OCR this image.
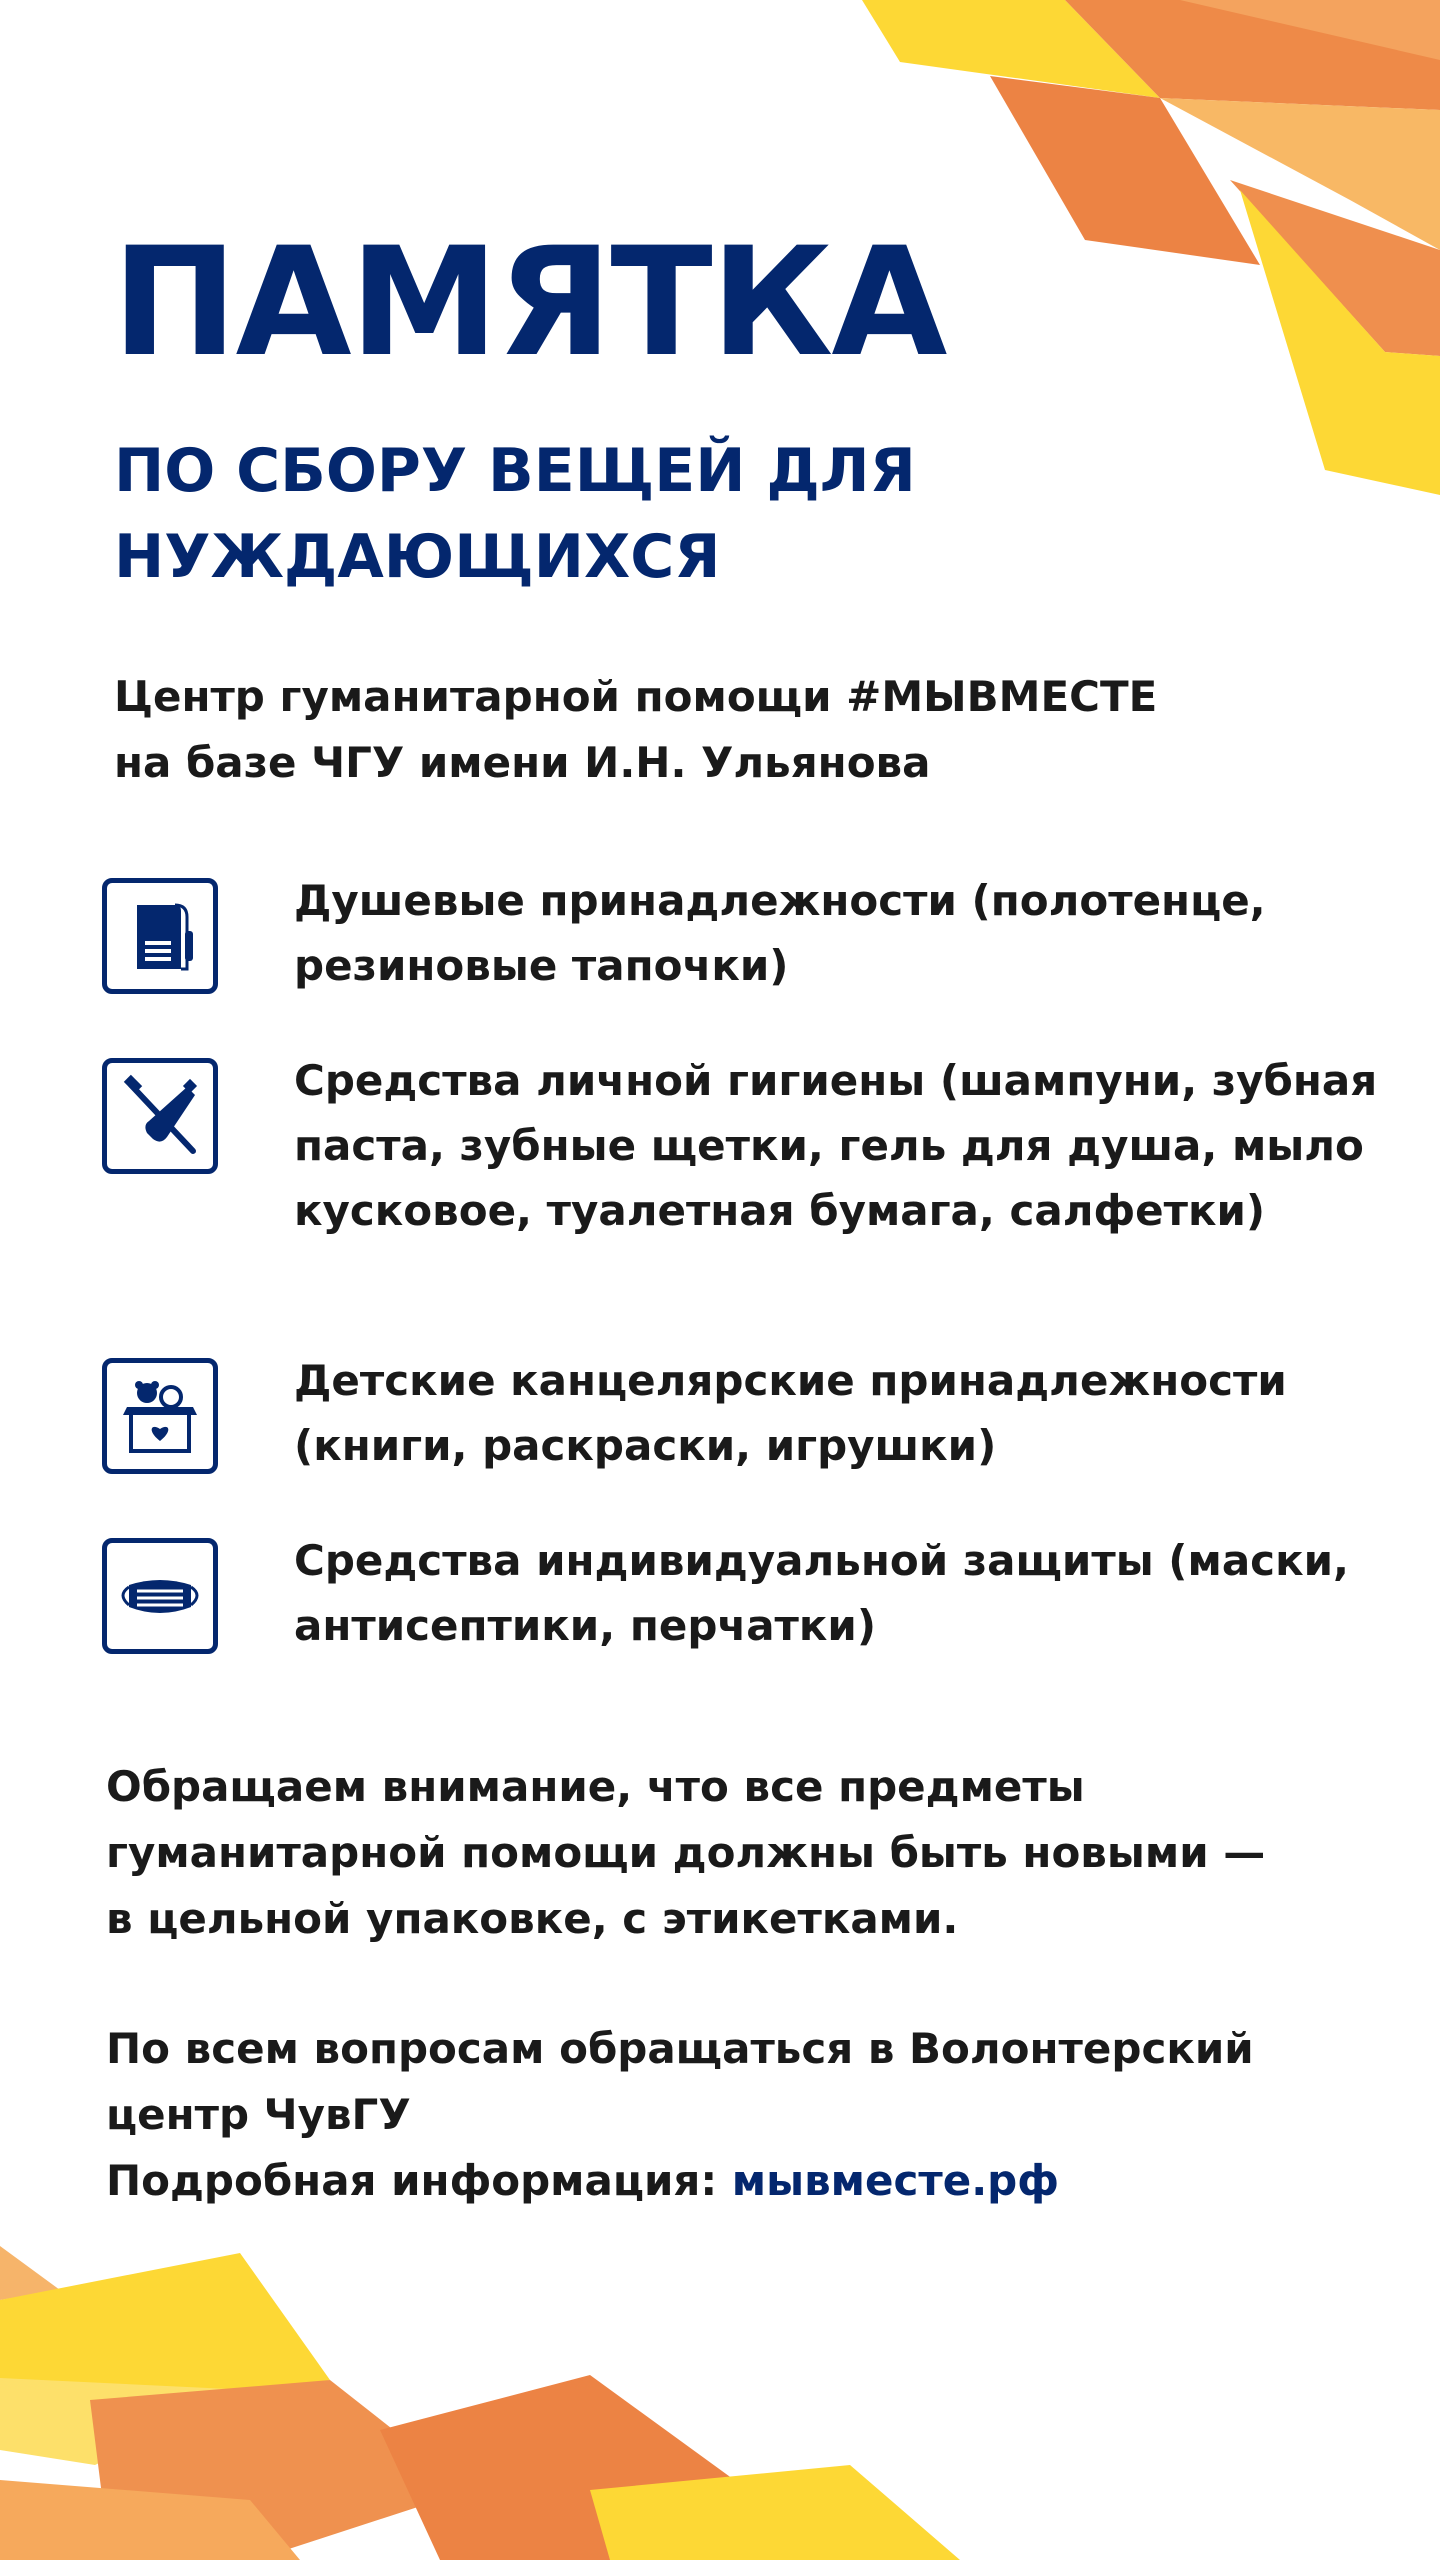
ПАМЯТКА
ПО СБОРУ ВЕЩЕЙ ДЛЯ НУЖДАЮЩИХСЯ
Центр гуманитарной помощи #МЫВМЕСТЕ
на базе ЧГУ имени И.Н. Ульянова
Душевые принадлежности (полотенце, резиновые тапочки)
Средства личной гигиены (шампуни, зубная паста, зубные щетки, гель для душа, мыло кусковое, туалетная бумага, салфетки)
Детские канцелярские принадлежности (книги, раскраски, игрушки)
Средства индивидуальной защиты (маски, антисептики, перчатки)
Обращаем внимание, что все предметы
гуманитарной помощи должны быть новыми —
в цельной упаковке, с этикетками.
По всем вопросам обращаться в Волонтерский
центр ЧувГУ
Подробная информация: мывместе.рф
